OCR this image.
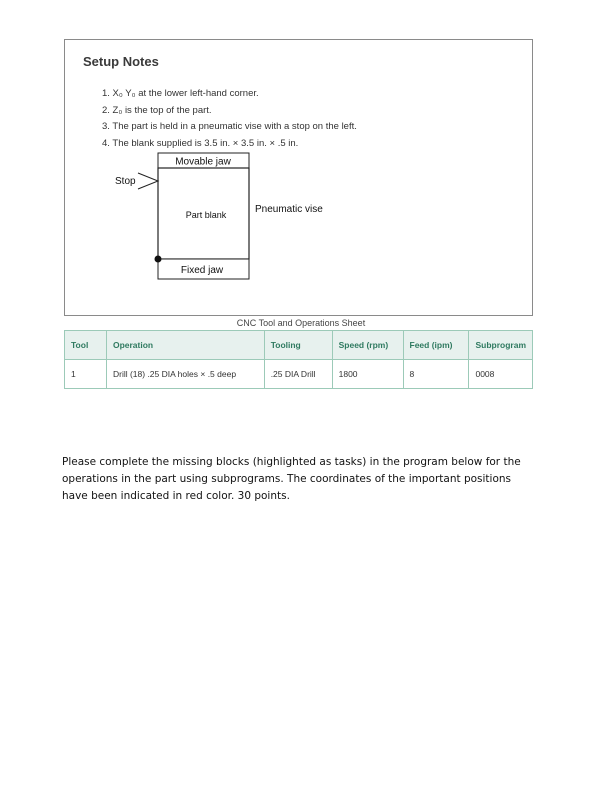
Setup Notes
1. X₀ Y₀ at the lower left-hand corner.
2. Z₀ is the top of the part.
3. The part is held in a pneumatic vise with a stop on the left.
4. The blank supplied is 3.5 in. × 3.5 in. × .5 in.
Movable jaw
Part blank
Fixed jaw
Stop
Pneumatic vise
CNC Tool and Operations Sheet
Tool	Operation	Tooling	Speed (rpm)	Feed (ipm)	Subprogram
1	Drill (18) .25 DIA holes × .5 deep	.25 DIA Drill	1800	8	0008
Please complete the missing blocks (highlighted as tasks) in the program below for the operations in the part using subprograms. The coordinates of the important positions have been indicated in red color. 30 points.
